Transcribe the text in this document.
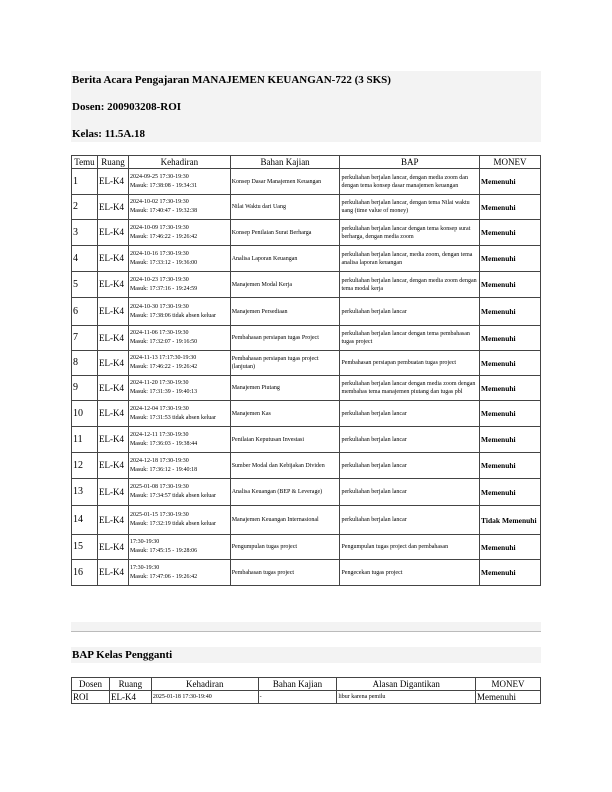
Berita Acara Pengajaran MANAJEMEN KEUANGAN-722 (3 SKS)
Dosen: 200903208-ROI
Kelas: 11.5A.18
Temu	Ruang	Kehadiran	Bahan Kajian	BAP	MONEV
1	EL-K4	2024-09-25 17:30-19:30
Masuk: 17:38:08 - 19:34:31	Konsep Dasar Manajemen Keuangan	perkuliahan berjalan lancar, dengan media zoom dan dengan tema konsep dasar manajemen keuangan	Memenuhi
2	EL-K4	2024-10-02 17:30-19:30
Masuk: 17:40:47 - 19:32:38	Nilai Waktu dari Uang	perkuliahan berjalan lancar, dengan tema Nilai waktu uang (time value of money)	Memenuhi
3	EL-K4	2024-10-09 17:30-19:30
Masuk: 17:46:22 - 19:26:42	Konsep Penilaian Surat Berharga	perkuliahan berjalan lancar dengan tema konsep surat berharga, dengan media zoom	Memenuhi
4	EL-K4	2024-10-16 17:30-19:30
Masuk: 17:33:12 - 19:36:00	Analisa Laporan Keuangan	perkuliahan berjalan lancar, media zoom, dengan tema analisa laporan keuangan	Memenuhi
5	EL-K4	2024-10-23 17:30-19:30
Masuk: 17:37:16 - 19:24:59	Manajemen Modal Kerja	perkuliahan berjalan lancar, dengan media zoom dengan tema modal kerja	Memenuhi
6	EL-K4	2024-10-30 17:30-19:30
Masuk: 17:38:06 tidak absen keluar	Manajemen Persediaan	perkuliahan berjalan lancar	Memenuhi
7	EL-K4	2024-11-06 17:30-19:30
Masuk: 17:32:07 - 19:16:50	Pembahasan persiapan tugas Project	perkuliahan berjalan lancar dengan tema pembahasan tugas project	Memenuhi
8	EL-K4	2024-11-13 17:17:30-19:30
Masuk: 17:46:22 - 19:26:42	Pembahasan persiapan tugas project (lanjutan)	Pembahasan persiapan pembuatan tugas project	Memenuhi
9	EL-K4	2024-11-20 17:30-19:30
Masuk: 17:31:39 - 19:40:13	Manajemen Piutang	perkuliahan berjalan lancar dengan media zoom dengan membahas tema manajemen piutang dan tugas pbl	Memenuhi
10	EL-K4	2024-12-04 17:30-19:30
Masuk: 17:31:53 tidak absen keluar	Manajemen Kas	perkuliahan berjalan lancar	Memenuhi
11	EL-K4	2024-12-11 17:30-19:30
Masuk: 17:36:03 - 19:38:44	Penilaian Keputusan Investasi	perkuliahan berjalan lancar	Memenuhi
12	EL-K4	2024-12-18 17:30-19:30
Masuk: 17:36:12 - 19:40:18	Sumber Modal dan Kebijakan Dividen	perkuliahan berjalan lancar	Memenuhi
13	EL-K4	2025-01-08 17:30-19:30
Masuk: 17:34:57 tidak absen keluar	Analisa Keuangan (BEP & Leverage)	perkuliahan berjalan lancar	Memenuhi
14	EL-K4	2025-01-15 17:30-19:30
Masuk: 17:32:19 tidak absen keluar	Manajemen Keuangan Internasional	perkuliahan berjalan lancar	Tidak Memenuhi
15	EL-K4	17:30-19:30
Masuk: 17:45:15 - 19:28:06	Pengumpulan tugas project	Pengumpulan tugas project dan pembahasan	Memenuhi
16	EL-K4	17:30-19:30
Masuk: 17:47:06 - 19:26:42	Pembahasan tugas project	Pengecekan tugas project	Memenuhi
BAP Kelas Pengganti
Dosen	Ruang	Kehadiran	Bahan Kajian	Alasan Digantikan	MONEV
ROI	EL-K4	2025-01-18 17:30-19:40	-	libur karena pemilu	Memenuhi
